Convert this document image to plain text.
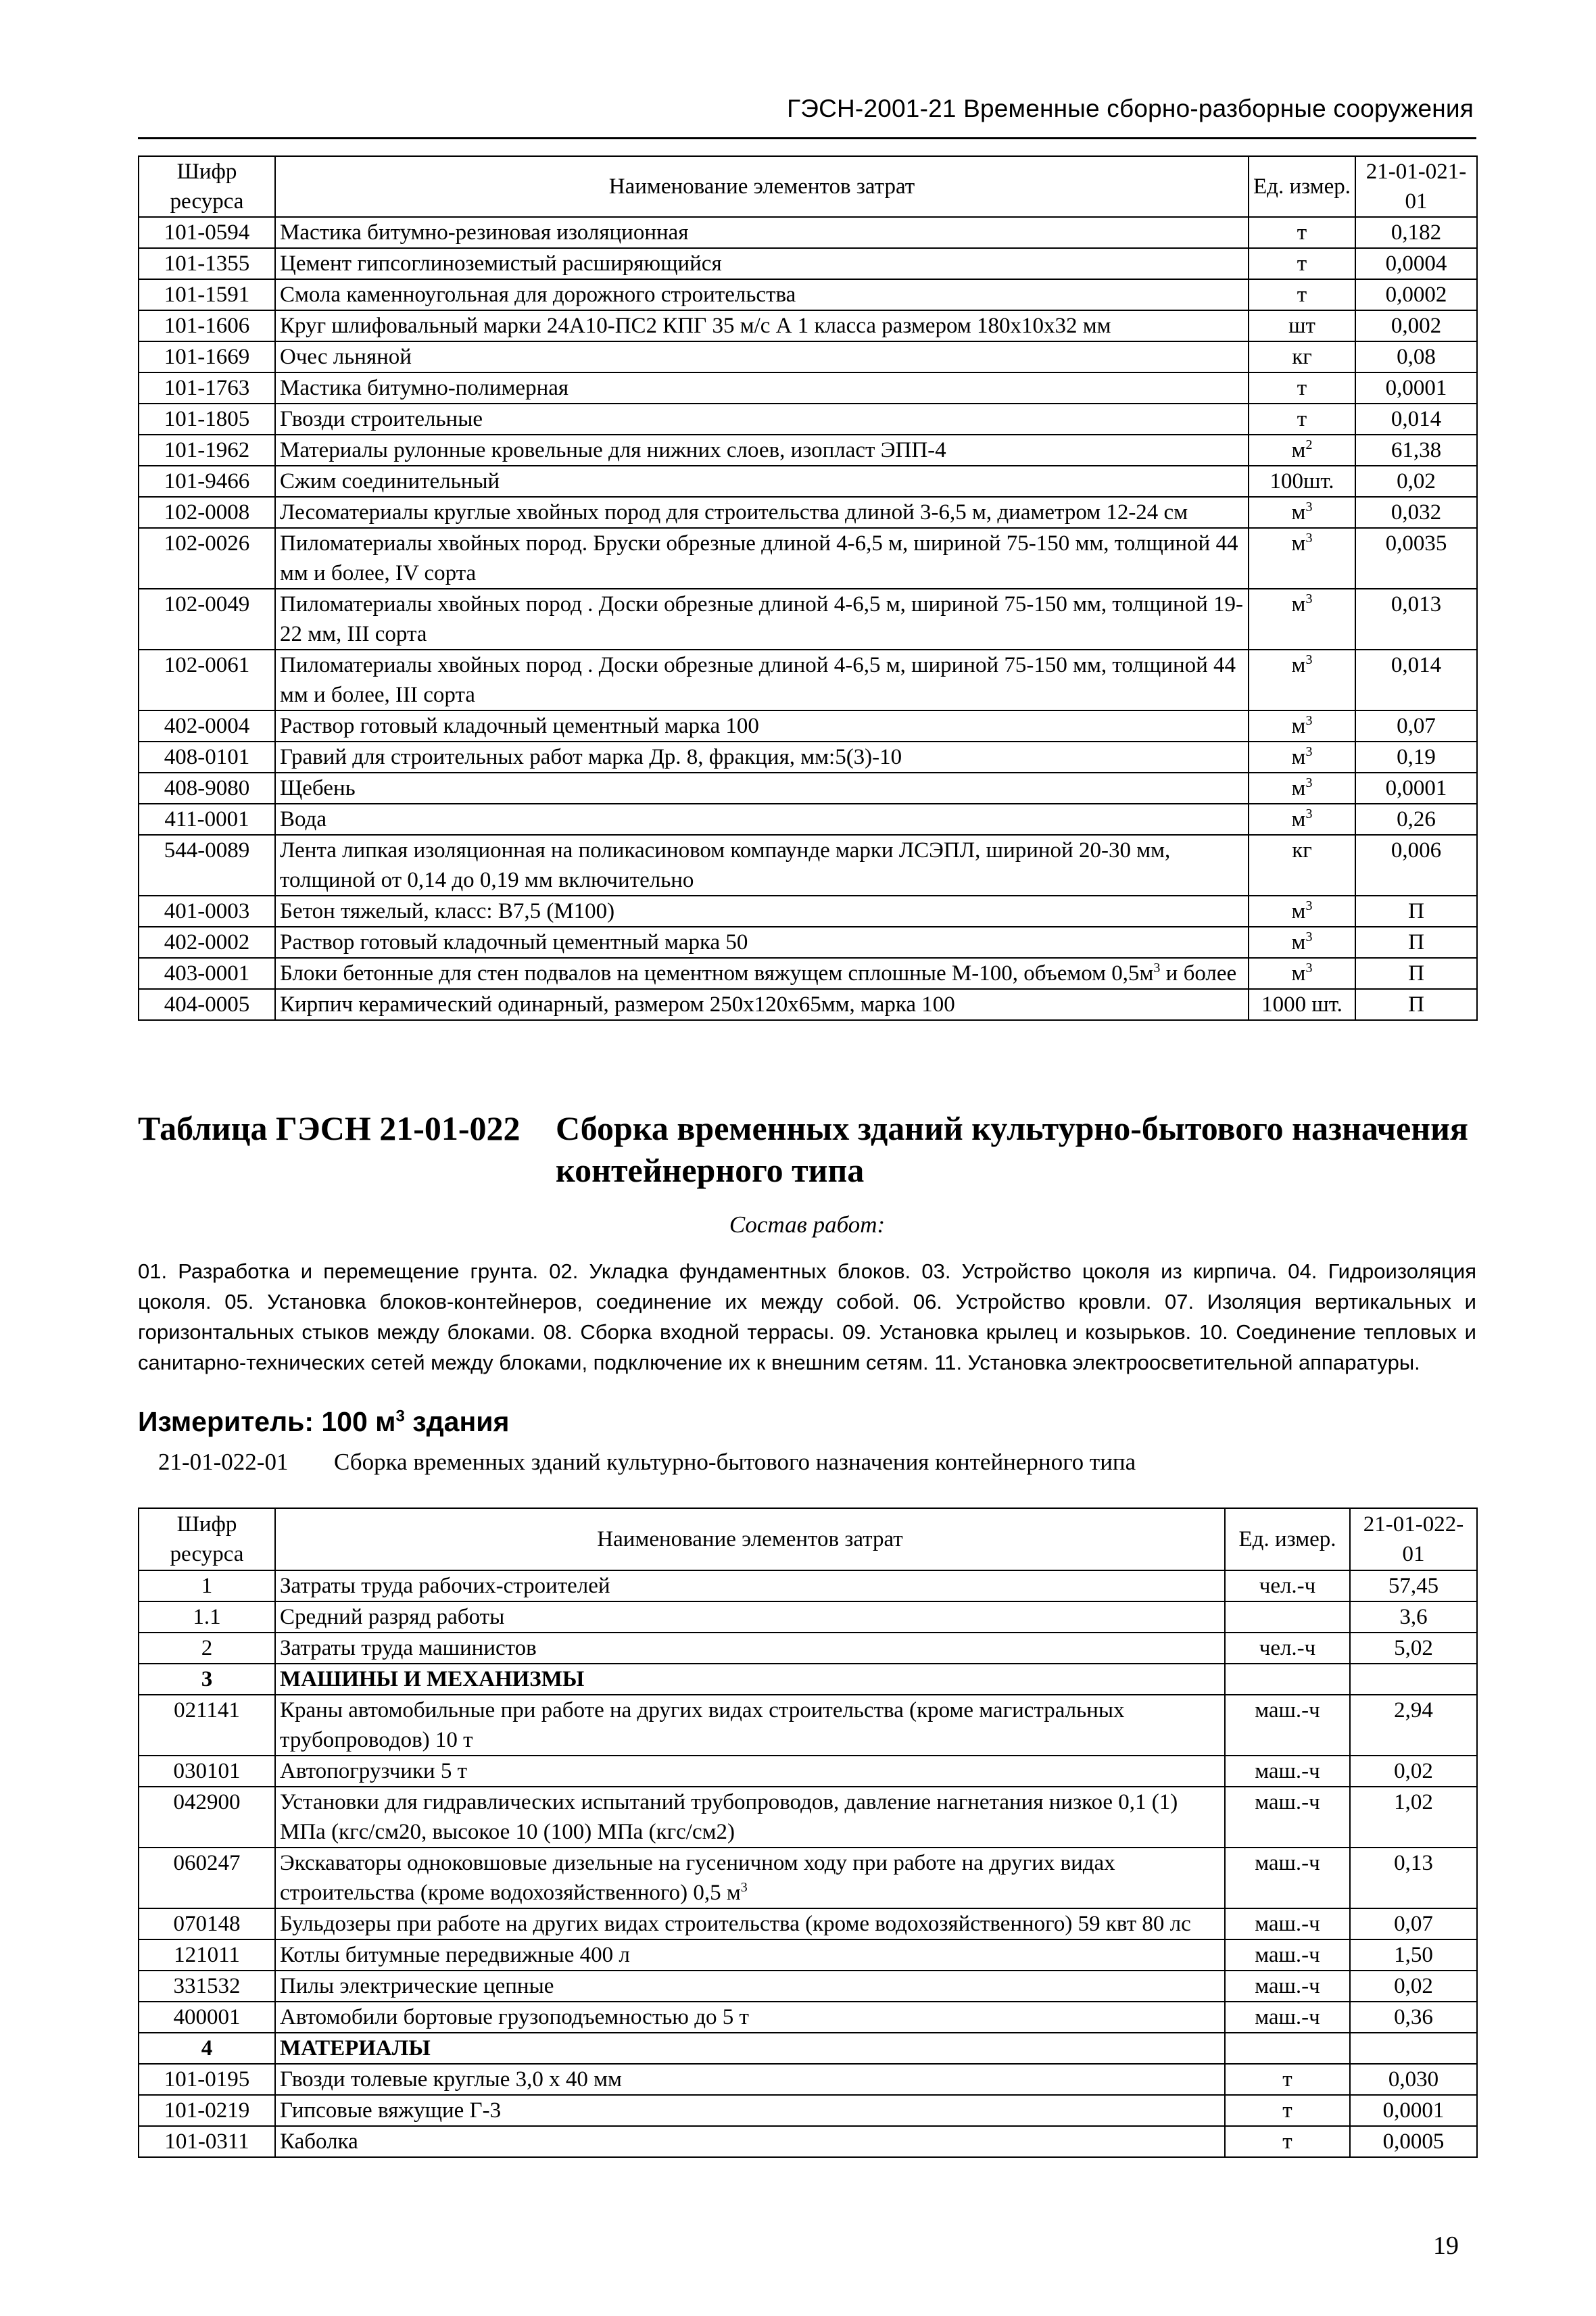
ГЭСН-2001-21 Временные сборно-разборные сооружения
Шифр ресурса	Наименование элементов затрат	Ед. измер.	21-01-021-01
101-0594	Мастика битумно-резиновая изоляционная	т	0,182
101-1355	Цемент гипсоглиноземистый расширяющийся	т	0,0004
101-1591	Смола каменноугольная для дорожного строительства	т	0,0002
101-1606	Круг шлифовальный марки 24А10-ПС2 КПГ 35 м/с А 1 класса размером 180х10х32 мм	шт	0,002
101-1669	Очес льняной	кг	0,08
101-1763	Мастика битумно-полимерная	т	0,0001
101-1805	Гвозди строительные	т	0,014
101-1962	Материалы рулонные кровельные для нижних слоев, изопласт ЭПП-4	$м^2$	61,38
101-9466	Сжим соединительный	100шт.	0,02
102-0008	Лесоматериалы круглые хвойных пород для строительства длиной 3-6,5 м, диаметром 12-24 см	$м^3$	0,032
102-0026	Пиломатериалы хвойных пород. Бруски обрезные длиной 4-6,5 м, шириной 75-150 мм, толщиной 44 мм и более, IV сорта	$м^3$	0,0035
102-0049	Пиломатериалы хвойных пород . Доски обрезные длиной 4-6,5 м, шириной 75-150 мм, толщиной 19-22 мм, III сорта	$м^3$	0,013
102-0061	Пиломатериалы хвойных пород . Доски обрезные длиной 4-6,5 м, шириной 75-150 мм, толщиной 44 мм и более, III сорта	$м^3$	0,014
402-0004	Раствор готовый кладочный цементный марка 100	$м^3$	0,07
408-0101	Гравий для строительных работ марка Др. 8, фракция, мм:5(3)-10	$м^3$	0,19
408-9080	Щебень	$м^3$	0,0001
411-0001	Вода	$м^3$	0,26
544-0089	Лента липкая изоляционная на поликасиновом компаунде марки ЛСЭПЛ, шириной 20-30 мм, толщиной от 0,14 до 0,19 мм включительно	кг	0,006
401-0003	Бетон тяжелый, класс: В7,5 (М100)	$м^3$	П
402-0002	Раствор готовый кладочный цементный марка 50	$м^3$	П
403-0001	Блоки бетонные для стен подвалов на цементном вяжущем сплошные М-100, объемом $0,5м^3$ и более	$м^3$	П
404-0005	Кирпич керамический одинарный, размером 250х120х65мм, марка 100	1000 шт.	П
Таблица ГЭСН 21-01-022 Сборка временных зданий культурно-бытового назначения контейнерного типа
Состав работ:
01. Разработка и перемещение грунта. 02. Укладка фундаментных блоков. 03. Устройство цоколя из кирпича. 04. Гидроизоляция цоколя. 05. Установка блоков-контейнеров, соединение их между собой. 06. Устройство кровли. 07. Изоляция вертикальных и горизонтальных стыков между блоками. 08. Сборка входной террасы. 09. Установка крылец и козырьков. 10. Соединение тепловых и санитарно-технических сетей между блоками, подключение их к внешним сетям. 11. Установка электроосветительной аппаратуры.
Измеритель: 100 $м^3$ здания
21-01-022-01 Сборка временных зданий культурно-бытового назначения контейнерного типа
Шифр ресурса	Наименование элементов затрат	Ед. измер.	21-01-022-01
1	Затраты труда рабочих-строителей	чел.-ч	57,45
1.1	Средний разряд работы		3,6
2	Затраты труда машинистов	чел.-ч	5,02
3	МАШИНЫ И МЕХАНИЗМЫ		
021141	Краны автомобильные при работе на других видах строительства (кроме магистральных трубопроводов) 10 т	маш.-ч	2,94
030101	Автопогрузчики 5 т	маш.-ч	0,02
042900	Установки для гидравлических испытаний трубопроводов, давление нагнетания низкое 0,1 (1) МПа (кгс/см20, высокое 10 (100) МПа (кгс/см2)	маш.-ч	1,02
060247	Экскаваторы одноковшовые дизельные на гусеничном ходу при работе на других видах строительства (кроме водохозяйственного) 0,5 $м^3$	маш.-ч	0,13
070148	Бульдозеры при работе на других видах строительства (кроме водохозяйственного) 59 квт 80 лс	маш.-ч	0,07
121011	Котлы битумные передвижные 400 л	маш.-ч	1,50
331532	Пилы электрические цепные	маш.-ч	0,02
400001	Автомобили бортовые грузоподъемностью до 5 т	маш.-ч	0,36
4	МАТЕРИАЛЫ		
101-0195	Гвозди толевые круглые 3,0 х 40 мм	т	0,030
101-0219	Гипсовые вяжущие Г-3	т	0,0001
101-0311	Каболка	т	0,0005
19
